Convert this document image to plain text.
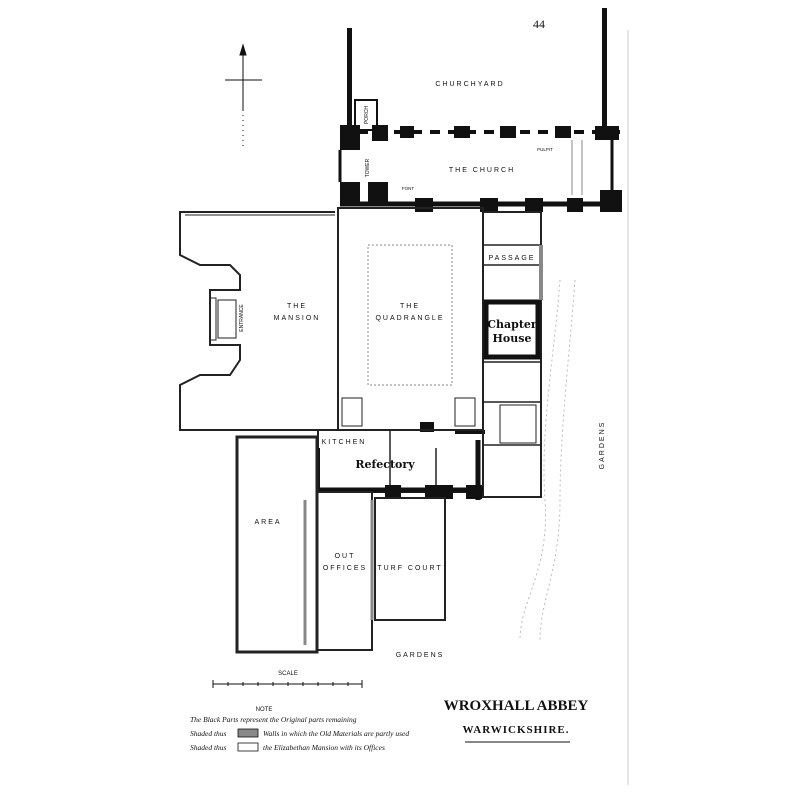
44
CHURCHYARD
THE CHURCH
PULPIT
FONT
TOWER
PORCH
THE
MANSION
ENTRANCE	THE
QUADRANGLE
PASSAGE
Chapter
House
KITCHEN
Refectory
AREA
OUT
OFFICES TURF COURT
GARDENS
GARDENS
SCALE
NOTE
The Black Parts represent the Original parts remaining
Shaded thus	Walls in which the Old Materials are partly used
Shaded thus	the Elizabethan Mansion with its Offices
WROXHALL ABBEY
WARWICKSHIRE.
